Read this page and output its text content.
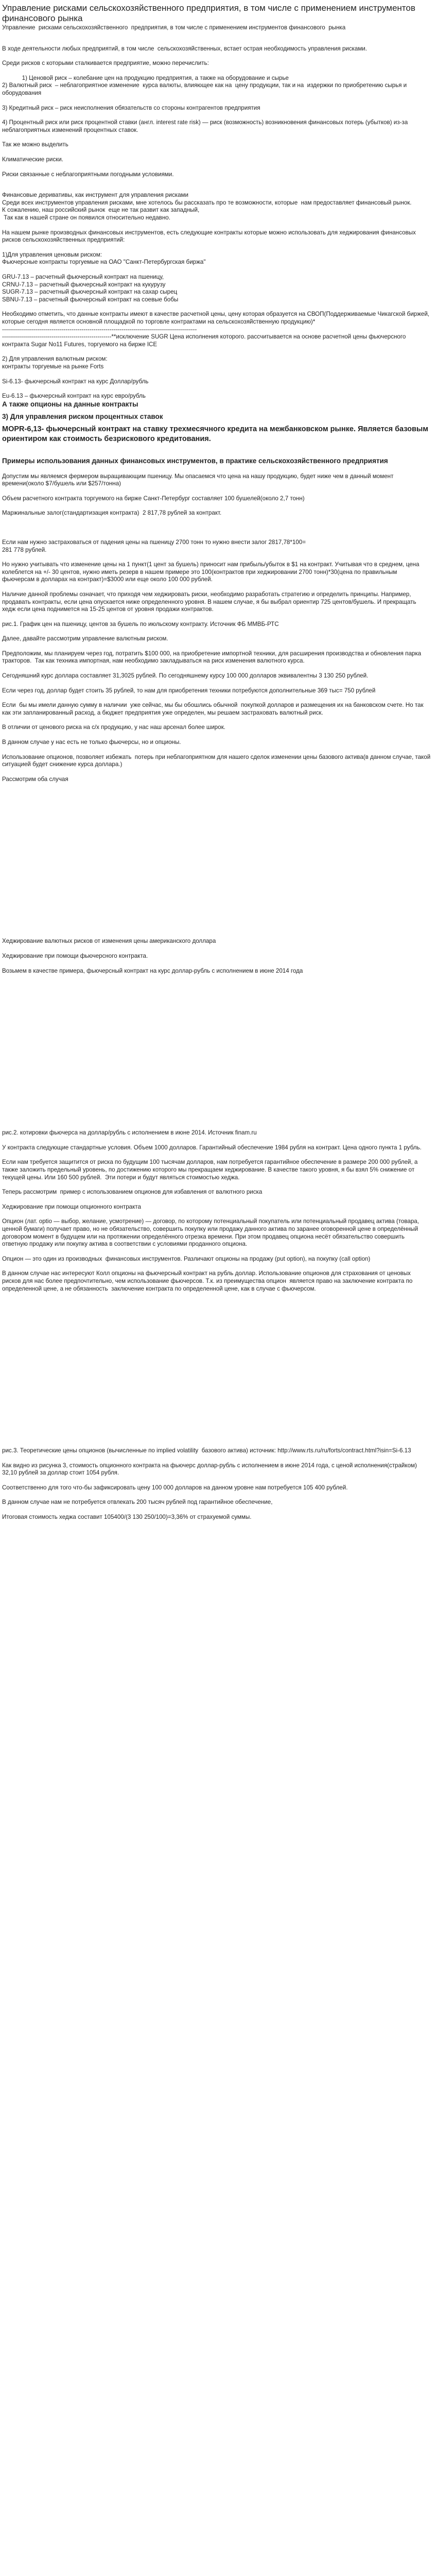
Управление рисками сельскохозяйственного предприятия, в том числе с применением инструментов финансового рынка

Управление  рисками сельскохозяйственного  предприятия, в том числе с применением инструментов финансового  рынка

В ходе деятельности любых предприятий, в том числе  сельскохозяйственных, встает острая необходимость управления рисками.

Среди рисков с которыми сталкивается предприятие, можно перечислить:

1) Ценовой риск – колебание цен на продукцию предприятия, а также на оборудование и сырье

2) Валютный риск  – неблагоприятное изменение  курса валюты, влияющее как на  цену продукции, так и на  издержки по приобретению сырья и оборудования

3) Кредитный риск – риск неисполнения обязательств со стороны контрагентов предприятия

4) Процентный риск или риск процентной ставки (англ. interest rate risk) — риск (возможность) возникновения финансовых потерь (убытков) из-за неблагоприятных изменений процентных ставок.

Так же можно выделить

Климатические риски.

Риски связанные с неблагоприятными погодными условиями.

Финансовые деривативы, как инструмент для управления рисками

Среди всех инструментов управления рисками, мне хотелось бы рассказать про те возможности, которые  нам предоставляет финансовый рынок.

К сожалению, наш российский рынок  еще не так развит как западный,

Так как в нашей стране он появился относительно недавно.

На нашем рынке производных финансовых инструментов, есть следующие контракты которые можно использовать для хеджирования финансовых рисков сельскохозяйственных предприятий:

1)Для управления ценовым риском:

Фьючерсные контракты торгуемые на ОАО "Санкт-Петербургская биржа"

GRU-7.13 – расчетный фьючерсный контракт на пшеницу,

CRNU-7.13 – расчетный фьючерсный контракт на кукурузу

SUGR-7.13 – расчетный фьючерсный контракт на сахар сырец

SBNU-7.13 – расчетный фьючерсный контракт на соевые бобы

Необходимо отметить, что данные контракты имеют в качестве расчетной цены, цену которая образуется на СВОП(Поддерживаемые Чикагской биржей, которые сегодня является основной площадкой по торговле контрактами на сельскохозяйственную продукцию)*

--------------------------------------------------------------------------------------------------

-------------------------------------------------------**исключение SUGR Цена исполнения которого. рассчитывается на основе расчетной цены фьючерсного контракта Sugar No11 Futures, торгуемого на бирже ICE

2) Для управления валютным риском:

контракты торгуемые на рынке Forts

Si-6.13- фьючерсный контракт на курс Доллар/рубль

Eu-6.13 – фьючерсный контракт на курс евро/рубль

А также опционы на данные контракты

3) Для управления риском процентных ставок

MOPR-6,13- фьючерсный контракт на ставку трехмесячного кредита на межбанковском рынке. Является базовым ориентиром как стоимость безрискового кредитования.

Примеры использования данных финансовых инструментов, в практике сельскохозяйственного предприятия

Допустим мы являемся фермером выращивающим пшеницу. Мы опасаемся что цена на нашу продукцию, будет ниже чем в данный момент времени(около $7/бушель или $257/тонна)

Объем расчетного контракта торгуемого на бирже Санкт-Петербург составляет 100 бушелей(около 2,7 тонн)

Маржинальные залог(стандартизация контракта)  2 817,78 рублей за контракт.

Если нам нужно застраховаться от падения цены на пшеницу 2700 тонн то нужно внести залог 2817,78*100=

281 778 рублей.

Но нужно учитывать что изменение цены на 1 пункт(1 цент за бушель) приносит нам прибыль/убыток в $1 на контракт. Учитывая что в среднем, цена колеблется на +/- 30 центов, нужно иметь резерв в нашем примере это 100(контрактов при хеджировании 2700 тонн)*30(цена по правильным фьючерсам в долларах на контракт)=$3000 или еще около 100 000 рублей.

Наличие данной проблемы означает, что приходя чем хеджировать риски, необходимо разработать стратегию и определить принципы. Например, продавать контракты, если цена опускается ниже определенного уровня. В нашем случае, я бы выбрал ориентир 725 центов/бушель. И прекращать хедж если цена поднимется на 15-25 центов от уровня продажи контрактов.

рис.1. График цен на пшеницу, центов за бушель по июльскому контракту. Источник ФБ ММВБ-РТС

Далее, давайте рассмотрим управление валютным риском.

Предположим, мы планируем через год, потратить $100 000, на приобретение импортной техники, для расширения производства и обновления парка тракторов.  Так как техника импортная, нам необходимо закладываться на риск изменения валютного курса.

Сегодняшний курс доллара составляет 31,3025 рублей. По сегодняшнему курсу 100 000 долларов эквивалентны 3 130 250 рублей.

Если через год, доллар будет стоить 35 рублей, то нам для приобретения техники потребуются дополнительные 369 тыс= 750 рублей

Если  бы мы имели данную сумму в наличии  уже сейчас, мы бы обошлись обычной  покупкой долларов и размещения их на банковском счете. Но так как эти запланированный расход, а бюджет предприятия уже определен, мы решаем застраховать валютный риск.

В отличии от ценового риска на с/х продукцию, у нас наш арсенал более широк.

В данном случае у нас есть не только фьючерсы, но и опционы.

Использование опционов, позволяет избежать  потерь при неблагоприятном для нашего сделок изменении цены базового актива(в данном случае, такой ситуацией будет снижение курса доллара.)

Рассмотрим оба случая

Хеджирование валютных рисков от изменения цены американского доллара

Хеджирование при помощи фьючерсного контракта.

Возьмем в качестве примера, фьючерсный контракт на курс доллар-рубль с исполнением в июне 2014 года

рис.2. котировки фьючерса на доллар/рубль с исполнением в июне 2014. Источник finam.ru

У контракта следующие стандартные условия. Объем 1000 долларов. Гарантийный обеспечение 1984 рубля на контракт. Цена одного пункта 1 рубль.

Если нам требуется защитится от риска по будущим 100 тысячам долларов, нам потребуется гарантийное обеспечение в размере 200 000 рублей, а также заложить предельный уровень, по достижению которого мы прекращаем хеджирование. В качестве такого уровня, я бы взял 5% снижение от текущей цены. Или 160 500 рублей.  Эти потери и будут являться стоимостью хеджа.

Теперь рассмотрим  пример с использованием опционов для избавления от валютного риска

Хеджирование при помощи опционного контракта

Опцион (лат. optio — выбор, желание, усмотрение) — договор, по которому потенциальный покупатель или потенциальный продавец актива (товара, ценной бумаги) получает право, но не обязательство, совершить покупку или продажу данного актива по заранее оговоренной цене в определённый договором момент в будущем или на протяжении определённого отрезка времени. При этом продавец опциона несёт обязательство совершить ответную продажу или покупку актива в соответствии с условиями проданного опциона.

Опцион — это один из производных  финансовых инструментов. Различают опционы на продажу (put option), на покупку (call option)

В данном случае нас интересуют Колл опционы на фьючерсный контракт на рубль доллар. Использование опционов для страхования от ценовых рисков для нас более предпочтительно, чем использование фьючерсов. Т.к. из преимущества опцион  является право на заключение контракта по определенной цене, а не обязанность  заключение контракта по определенной цене, как в случае с фьючерсом.

рис.3. Теоретические цены опционов (вычисленные по implied volatility  базового актива) источник: http://www.rts.ru/ru/forts/contract.html?isin=Si-6.13

Как видно из рисунка 3, стоимость опционного контракта на фьючерс доллар-рубль с исполнением в июне 2014 года, с ценой исполнения(страйком) 32,10 рублей за доллар стоит 1054 рубля.

Соответственно для того что-бы зафиксировать цену 100 000 долларов на данном уровне нам потребуется 105 400 рублей.

В данном случае нам не потребуется отвлекать 200 тысяч рублей под гарантийное обеспечение,

Итоговая стоимость хеджа составит 105400/(3 130 250/100)=3,36% от страхуемой суммы.
